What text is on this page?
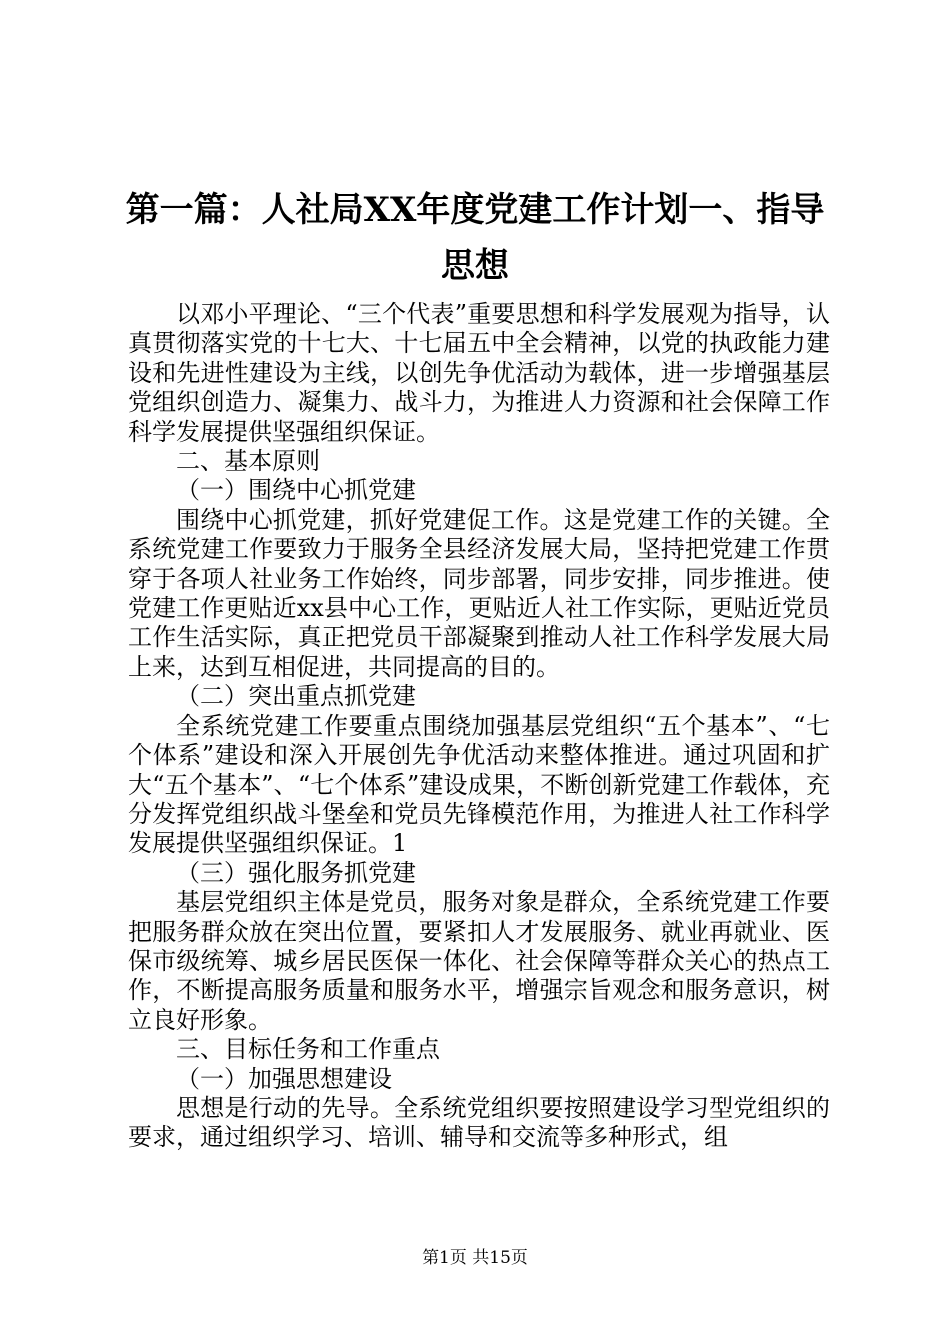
第一篇：人社局XX年度党建工作计划一、指导思想

以邓小平理论、“三个代表”重要思想和科学发展观为指导，认真贯彻落实党的十七大、十七届五中全会精神，以党的执政能力建设和先进性建设为主线，以创先争优活动为载体，进一步增强基层党组织创造力、凝集力、战斗力，为推进人力资源和社会保障工作科学发展提供坚强组织保证。

二、基本原则

（一）围绕中心抓党建

围绕中心抓党建，抓好党建促工作。这是党建工作的关键。全系统党建工作要致力于服务全县经济发展大局，坚持把党建工作贯穿于各项人社业务工作始终，同步部署，同步安排，同步推进。使党建工作更贴近xx县中心工作，更贴近人社工作实际，更贴近党员工作生活实际，真正把党员干部凝聚到推动人社工作科学发展大局上来，达到互相促进，共同提高的目的。

（二）突出重点抓党建

全系统党建工作要重点围绕加强基层党组织“五个基本”、“七个体系”建设和深入开展创先争优活动来整体推进。通过巩固和扩大“五个基本”、“七个体系”建设成果，不断创新党建工作载体，充分发挥党组织战斗堡垒和党员先锋模范作用，为推进人社工作科学发展提供坚强组织保证。1

（三）强化服务抓党建

基层党组织主体是党员，服务对象是群众，全系统党建工作要把服务群众放在突出位置，要紧扣人才发展服务、就业再就业、医保市级统筹、城乡居民医保一体化、社会保障等群众关心的热点工作，不断提高服务质量和服务水平，增强宗旨观念和服务意识，树立良好形象。

三、目标任务和工作重点

（一）加强思想建设

思想是行动的先导。全系统党组织要按照建设学习型党组织的要求，通过组织学习、培训、辅导和交流等多种形式，组

第1页 共15页
